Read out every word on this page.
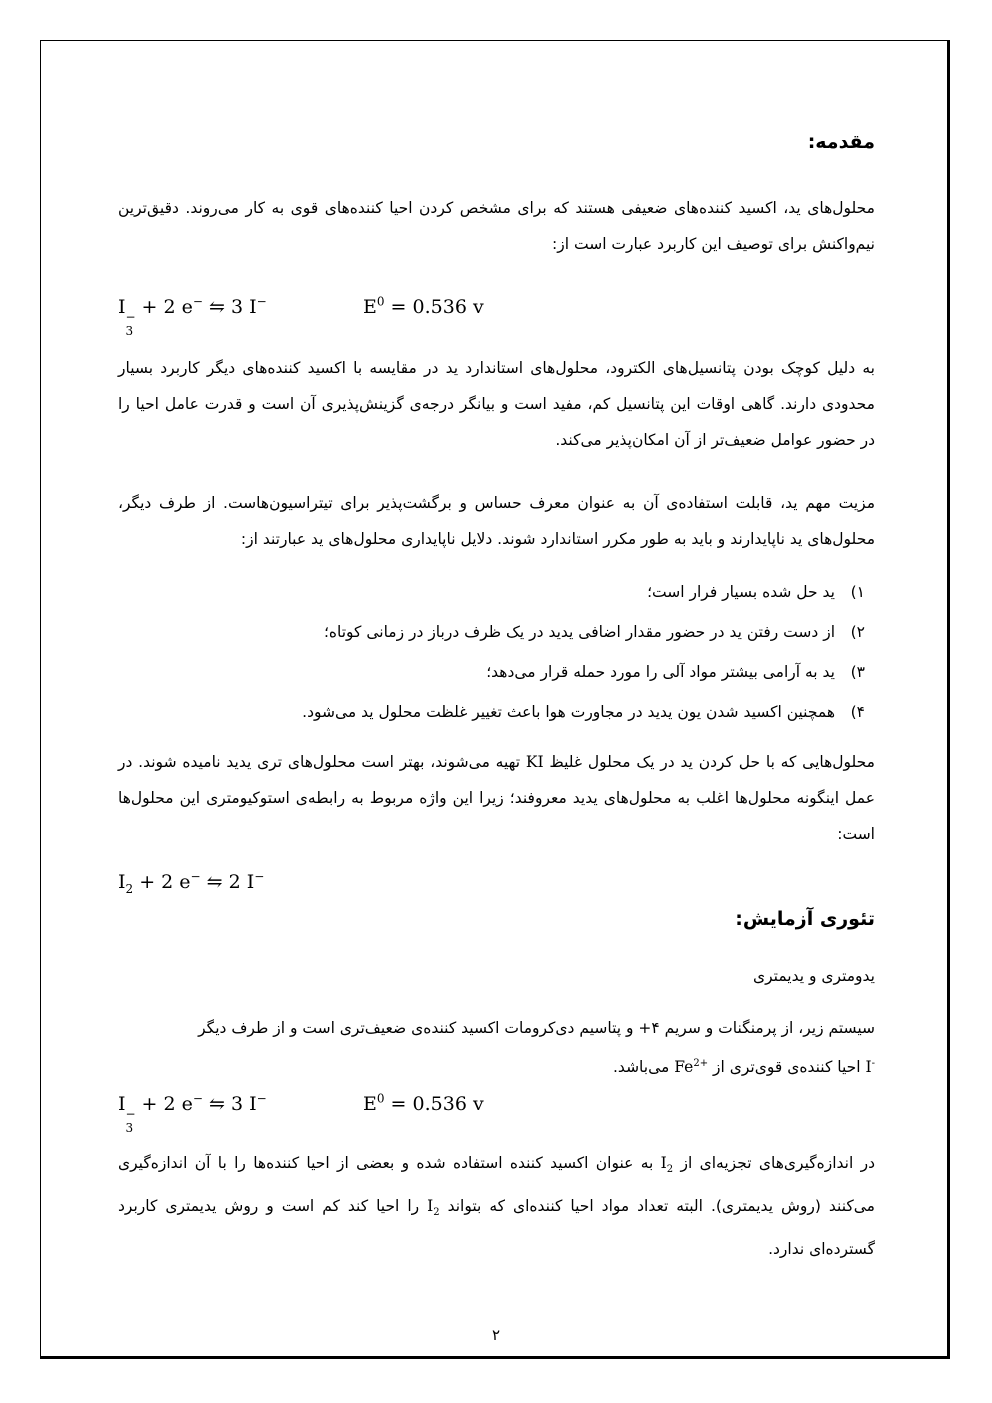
مقدمه:

محلول‌های ید، اکسید کننده‌های ضعیفی هستند که برای مشخص کردن احیا کننده‌های قوی به کار می‌روند. دقیق‌ترین نیم‌واکنش برای توصیف این کاربرد عبارت است از:

I −
3
+ 2 e− ⇋ 3 I−	$E^0 = 0.536$ v

به دلیل کوچک بودن پتانسیل‌های الکترود، محلول‌های استاندارد ید در مقایسه با اکسید کننده‌های دیگر کاربرد بسیار محدودی دارند. گاهی اوقات این پتانسیل کم، مفید است و بیانگر درجه‌ی گزینش‌پذیری آن است و قدرت عامل احیا را در حضور عوامل ضعیف‌تر از آن امکان‌پذیر می‌کند.

مزیت مهم ید، قابلت استفاده‌ی آن به عنوان معرف حساس و برگشت‌پذیر برای تیتراسیون‌هاست. از طرف دیگر، محلول‌های ید ناپایدارند و باید به طور مکرر استاندارد شوند. دلایل ناپایداری محلول‌های ید عبارتند از:

۱)ید حل شده بسیار فرار است؛
۲)از دست رفتن ید در حضور مقدار اضافی یدید در یک ظرف درباز در زمانی کوتاه؛
۳)ید به آرامی بیشتر مواد آلی را مورد حمله قرار می‌دهد؛
۴)همچنین اکسید شدن یون یدید در مجاورت هوا باعث تغییر غلظت محلول ید می‌شود.

محلول‌هایی که با حل کردن ید در یک محلول غلیظ KI تهیه می‌شوند، بهتر است محلول‌های تری یدید نامیده شوند. در عمل اینگونه محلول‌ها اغلب به محلول‌های یدید معروفند؛ زیرا این واژه مربوط به رابطه‌ی استوکیومتری این محلول‌ها است:

$I_2 + 2$ e− ⇋ 2 I−
تئوری آزمایش:
یدومتری و یدیمتری
سیستم زیر، از پرمنگنات و سریم ۴+ و پتاسیم دی‌کرومات اکسید کننده‌ی ضعیف‌تری است و از طرف دیگر
I- احیا کننده‌ی قوی‌تری از $Fe^{2+}$ می‌باشد.
I −
3
+ 2 e− ⇋ 3 I−	$E^0 = 0.536$ v

در اندازه‌گیری‌های تجزیه‌ای از $I_2$ به عنوان اکسید کننده استفاده شده و بعضی از احیا کننده‌ها را با آن اندازه‌گیری می‌کنند (روش یدیمتری). البته تعداد مواد احیا کننده‌ای که بتواند $I_2$ را احیا کند کم است و روش یدیمتری کاربرد گسترده‌ای ندارد.

۲
